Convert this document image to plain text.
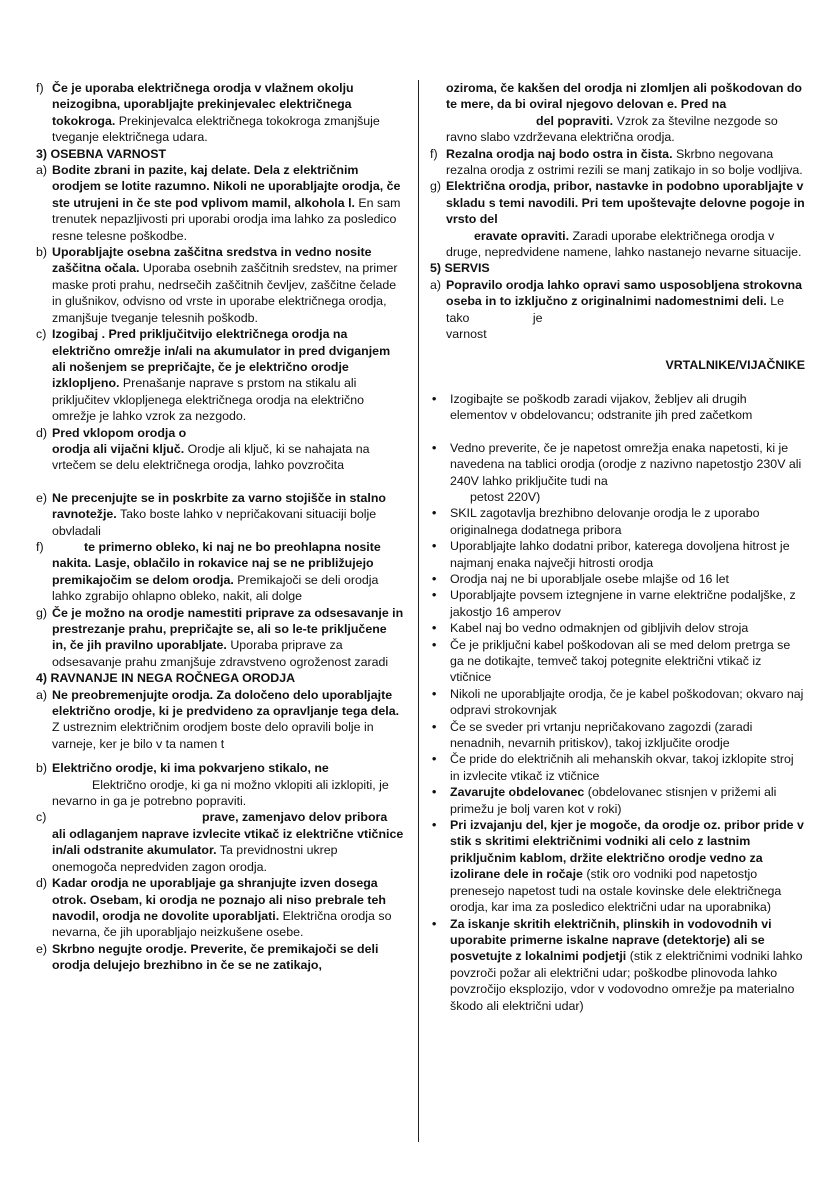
f) Če je uporaba električnega orodja v vlažnem okolju neizogibna, uporabljajte prekinjevalec električnega tokokroga. Prekinjevalca električnega tokokroga zmanjšuje tveganje električnega udara.
3) OSEBNA VARNOST
a) Bodite zbrani in pazite, kaj delate. Dela z električnim orodjem se lotite razumno. Nikoli ne uporabljajte orodja, če ste utrujeni in če ste pod vplivom mamil, alkohola l. En sam trenutek nepazljivosti pri uporabi orodja ima lahko za posledico resne telesne poškodbe.
b) Uporabljajte osebna zaščitna sredstva in vedno nosite zaščitna očala. Uporaba osebnih zaščitnih sredstev, na primer maske proti prahu, nedrsečih zaščitnih čevljev, zaščitne čelade in glušnikov, odvisno od vrste in uporabe električnega orodja, zmanjšuje tveganje telesnih poškodb.
c) Izogibaj . Pred priključitvijo električnega orodja na električno omrežje in/ali na akumulator in pred dviganjem ali nošenjem se prepričajte, če je električno orodje izklopljeno. Prenašanje naprave s prstom na stikalu ali priključitev vklopljenega električnega orodja na električno omrežje je lahko vzrok za nezgodo.
d) Pred vklopom orodja o
orodja ali vijačni ključ. Orodje ali ključ, ki se nahajata na vrtečem se delu električnega orodja, lahko povzročita
e) Ne precenjujte se in poskrbite za varno stojišče in stalno ravnotežje. Tako boste lahko v nepričakovani situaciji bolje obvladali
f)	te primerno obleko, ki naj ne bo preohlapna nosite nakita. Lasje, oblačilo in rokavice naj se ne približujejo premikajočim se delom orodja. Premikajoči se deli orodja lahko zgrabijo ohlapno obleko, nakit, ali dolge
g) Če je možno na orodje namestiti priprave za odsesavanje in prestrezanje prahu, prepričajte se, ali so le-te priključene in, če jih pravilno uporabljate. Uporaba priprave za odsesavanje prahu zmanjšuje zdravstveno ogroženost zaradi
4) RAVNANJE IN NEGA ROČNEGA ORODJA
a) Ne preobremenjujte orodja. Za določeno delo uporabljajte električno orodje, ki je predvideno za opravljanje tega dela. Z ustreznim električnim orodjem boste delo opravili bolje in varneje, ker je bilo v ta namen t
b) Električno orodje, ki ima pokvarjeno stikalo, ne Električno orodje, ki ga ni možno vklopiti ali izklopiti, je nevarno in ga je potrebno popraviti.
c)	prave, zamenjavo delov pribora ali odlaganjem naprave izvlecite vtikač iz električne vtičnice in/ali odstranite akumulator. Ta previdnostni ukrep onemogoča nepredviden zagon orodja.
d) Kadar orodja ne uporabljaje ga shranjujte izven dosega otrok. Osebam, ki orodja ne poznajo ali niso prebrale teh navodil, orodja ne dovolite uporabljati. Električna orodja so nevarna, če jih uporabljajo neizkušene osebe.
e) Skrbno negujte orodje. Preverite, če premikajoči se deli orodja delujejo brezhibno in če se ne zatikajo,
oziroma, če kakšen del orodja ni zlomljen ali poškodovan do te mere, da bi oviral njegovo delovan e. Pred na
del popraviti. Vzrok za številne nezgode so ravno slabo vzdrževana električna orodja.
f) Rezalna orodja naj bodo ostra in čista. Skrbno negovana rezalna orodja z ostrimi rezili se manj zatikajo in so bolje vodljiva.
g) Električna orodja, pribor, nastavke in podobno uporabljajte v skladu s temi navodili. Pri tem upoštevajte delovne pogoje in vrsto del
eravate opraviti. Zaradi uporabe električnega orodja v druge, nepredvidene namene, lahko nastanejo nevarne situacije.
5) SERVIS
a) Popravilo orodja lahko opravi samo usposobljena strokovna oseba in to izključno z originalnimi nadomestnimi deli. Le tako	je
varnost
VRTALNIKE/VIJAČNIKE
• Izogibajte se poškodb zaradi vijakov, žebljev ali drugih elementov v obdelovancu; odstranite jih pred začetkom
• Vedno preverite, če je napetost omrežja enaka napetosti, ki je navedena na tablici orodja (orodje z nazivno napetostjo 230V ali 240V lahko priključite tudi na
petost 220V)
• SKIL zagotavlja brezhibno delovanje orodja le z uporabo originalnega dodatnega pribora
• Uporabljajte lahko dodatni pribor, katerega dovoljena hitrost je najmanj enaka največji hitrosti orodja
• Orodja naj ne bi uporabljale osebe mlajše od 16 let
• Uporabljajte povsem iztegnjene in varne električne podaljške, z jakostjo 16 amperov
• Kabel naj bo vedno odmaknjen od gibljivih delov stroja
• Če je priključni kabel poškodovan ali se med delom pretrga se ga ne dotikajte, temveč takoj potegnite električni vtikač iz vtičnice
• Nikoli ne uporabljajte orodja, če je kabel poškodovan; okvaro naj odpravi strokovnjak
• Če se sveder pri vrtanju nepričakovano zagozdi (zaradi nenadnih, nevarnih pritiskov), takoj izključite orodje
• Če pride do električnih ali mehanskih okvar, takoj izklopite stroj in izvlecite vtikač iz vtičnice
• Zavarujte obdelovanec (obdelovanec stisnjen v prižemi ali primežu je bolj varen kot v roki)
• Pri izvajanju del, kjer je mogoče, da orodje oz. pribor pride v stik s skritimi električnimi vodniki ali celo z lastnim priključnim kablom, držite električno orodje vedno za izolirane dele in ročaje (stik oro vodniki pod napetostjo prenesejo napetost tudi na ostale kovinske dele električnega orodja, kar ima za posledico električni udar na uporabnika)
• Za iskanje skritih električnih, plinskih in vodovodnih vi uporabite primerne iskalne naprave (detektorje) ali se posvetujte z lokalnimi podjetji (stik z električnimi vodniki lahko povzroči požar ali električni udar; poškodbe plinovoda lahko povzročijo eksplozijo, vdor v vodovodno omrežje pa materialno škodo ali električni udar)
